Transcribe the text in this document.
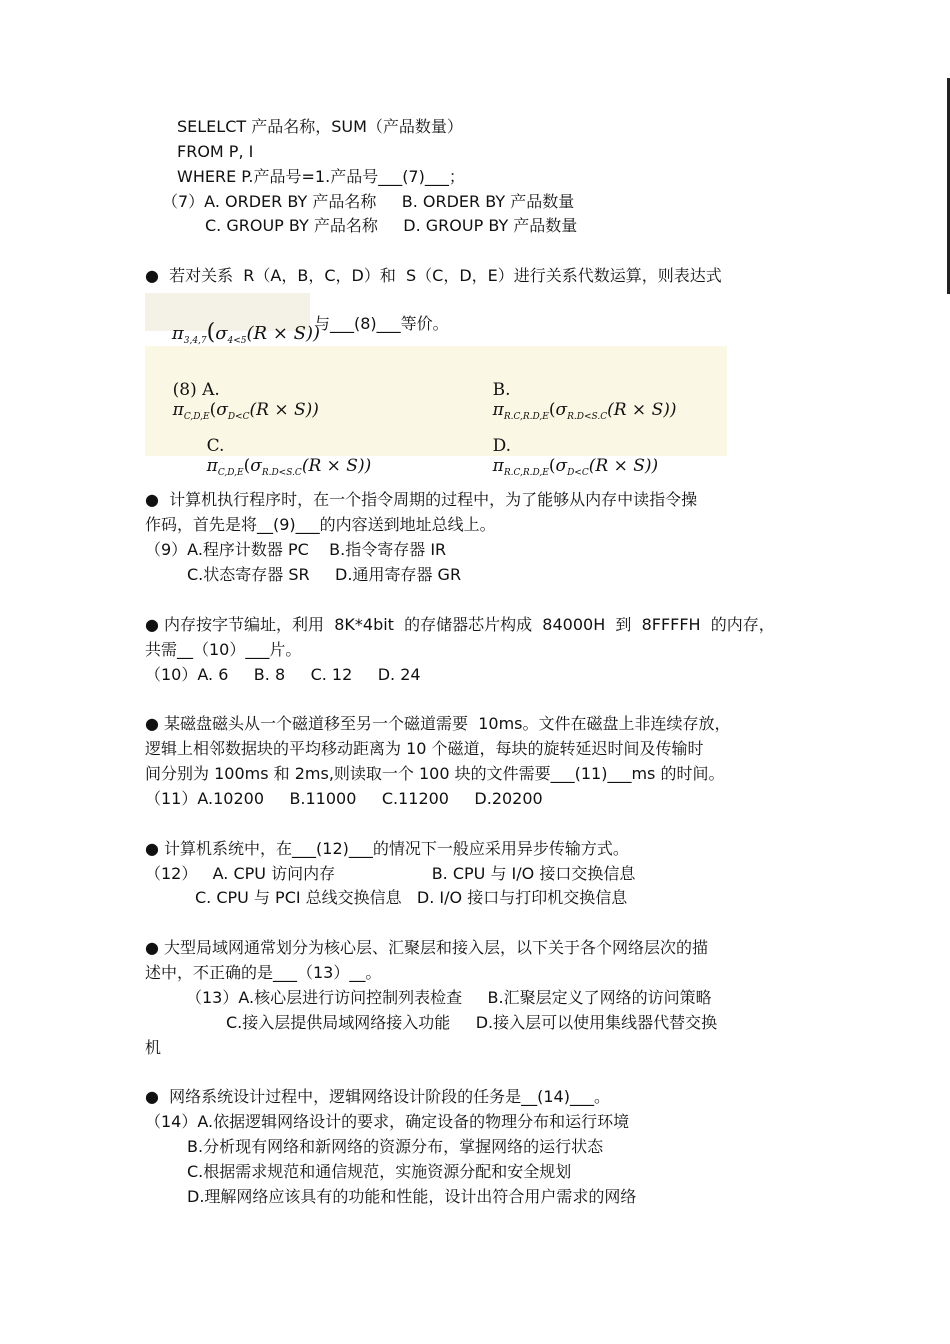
SELELCT 产品名称，SUM（产品数量）
FROM P, I
WHERE P.产品号=1.产品号___(7)___；
（7）A. ORDER BY 产品名称     B. ORDER BY 产品数量
C. GROUP BY 产品名称     D. GROUP BY 产品数量
●  若对关系  R（A，B，C，D）和  S（C，D，E）进行关系代数运算，则表达式

$\pi_{3,4,7}(\sigma_{4<5}(R \times S))$

与___(8)___等价。

(8) A.
$\pi_{C,D,E}(\sigma_{D<C}(R \times S))$

B.
$\pi_{R.C,R.D,E}(\sigma_{R.D<S.C}(R \times S))$

C.
$\pi_{C,D,E}(\sigma_{R.D<S.C}(R \times S))$

D.
$\pi_{R.C,R.D,E}(\sigma_{D<C}(R \times S))$

●  计算机执行程序时，在一个指令周期的过程中，为了能够从内存中读指令操
作码，首先是将__(9)___的内容送到地址总线上。
（9）A.程序计数器 PC    B.指令寄存器 IR
C.状态寄存器 SR     D.通用寄存器 GR
● 内存按字节编址，利用  8K*4bit  的存储器芯片构成  84000H  到  8FFFFH  的内存，
共需__（10）___片。
（10）A. 6     B. 8     C. 12     D. 24
● 某磁盘磁头从一个磁道移至另一个磁道需要  10ms。文件在磁盘上非连续存放，
逻辑上相邻数据块的平均移动距离为 10 个磁道，每块的旋转延迟时间及传输时
间分别为 100ms 和 2ms,则读取一个 100 块的文件需要___(11)___ms 的时间。
（11）A.10200     B.11000     C.11200     D.20200
● 计算机系统中，在___(12)___的情况下一般应采用异步传输方式。
（12）   A. CPU 访问内存                   B. CPU 与 I/O 接口交换信息
C. CPU 与 PCI 总线交换信息   D. I/O 接口与打印机交换信息
● 大型局域网通常划分为核心层、汇聚层和接入层，以下关于各个网络层次的描
述中，不正确的是___（13）__。
（13）A.核心层进行访问控制列表检查     B.汇聚层定义了网络的访问策略
C.接入层提供局域网络接入功能     D.接入层可以使用集线器代替交换
机
●  网络系统设计过程中，逻辑网络设计阶段的任务是__(14)___。
（14）A.依据逻辑网络设计的要求，确定设备的物理分布和运行环境
B.分析现有网络和新网络的资源分布，掌握网络的运行状态
C.根据需求规范和通信规范，实施资源分配和安全规划
D.理解网络应该具有的功能和性能，设计出符合用户需求的网络
